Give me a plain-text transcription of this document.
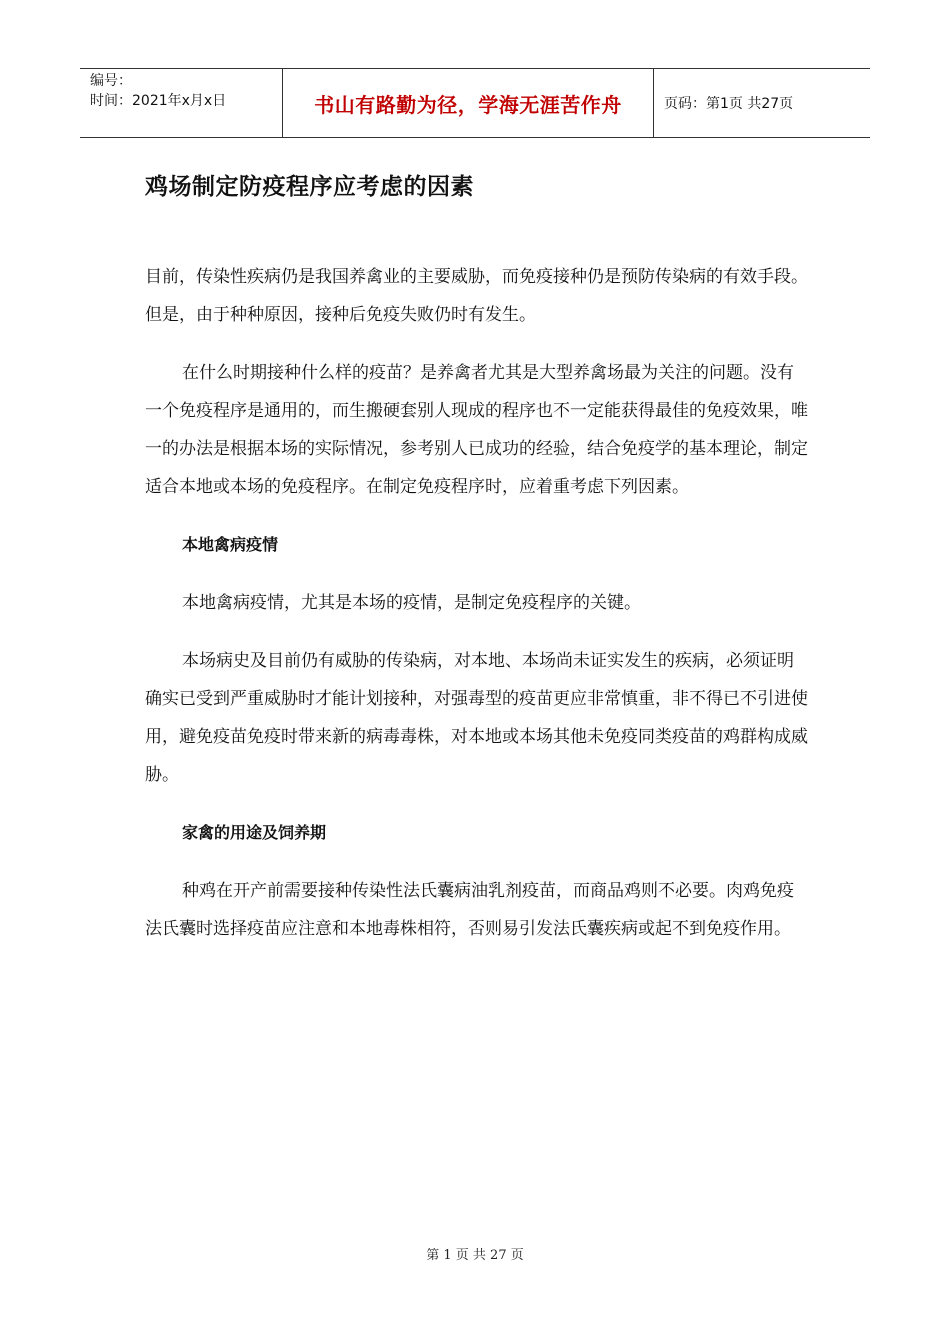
编号：
时间：2021年x月x日	书山有路勤为径，学海无涯苦作舟	页码：第1页 共27页
鸡场制定防疫程序应考虑的因素

目前，传染性疾病仍是我国养禽业的主要威胁，而免疫接种仍是预防传染病的有效手段。但是，由于种种原因，接种后免疫失败仍时有发生。

在什么时期接种什么样的疫苗？是养禽者尤其是大型养禽场最为关注的问题。没有一个免疫程序是通用的，而生搬硬套别人现成的程序也不一定能获得最佳的免疫效果，唯一的办法是根据本场的实际情况，参考别人已成功的经验，结合免疫学的基本理论，制定适合本地或本场的免疫程序。在制定免疫程序时，应着重考虑下列因素。

本地禽病疫情

本地禽病疫情，尤其是本场的疫情，是制定免疫程序的关键。

本场病史及目前仍有威胁的传染病，对本地、本场尚未证实发生的疾病，必须证明确实已受到严重威胁时才能计划接种，对强毒型的疫苗更应非常慎重，非不得已不引进使用，避免疫苗免疫时带来新的病毒毒株，对本地或本场其他未免疫同类疫苗的鸡群构成威胁。

家禽的用途及饲养期

种鸡在开产前需要接种传染性法氏囊病油乳剂疫苗，而商品鸡则不必要。肉鸡免疫法氏囊时选择疫苗应注意和本地毒株相符，否则易引发法氏囊疾病或起不到免疫作用。

第 1 页 共 27 页
